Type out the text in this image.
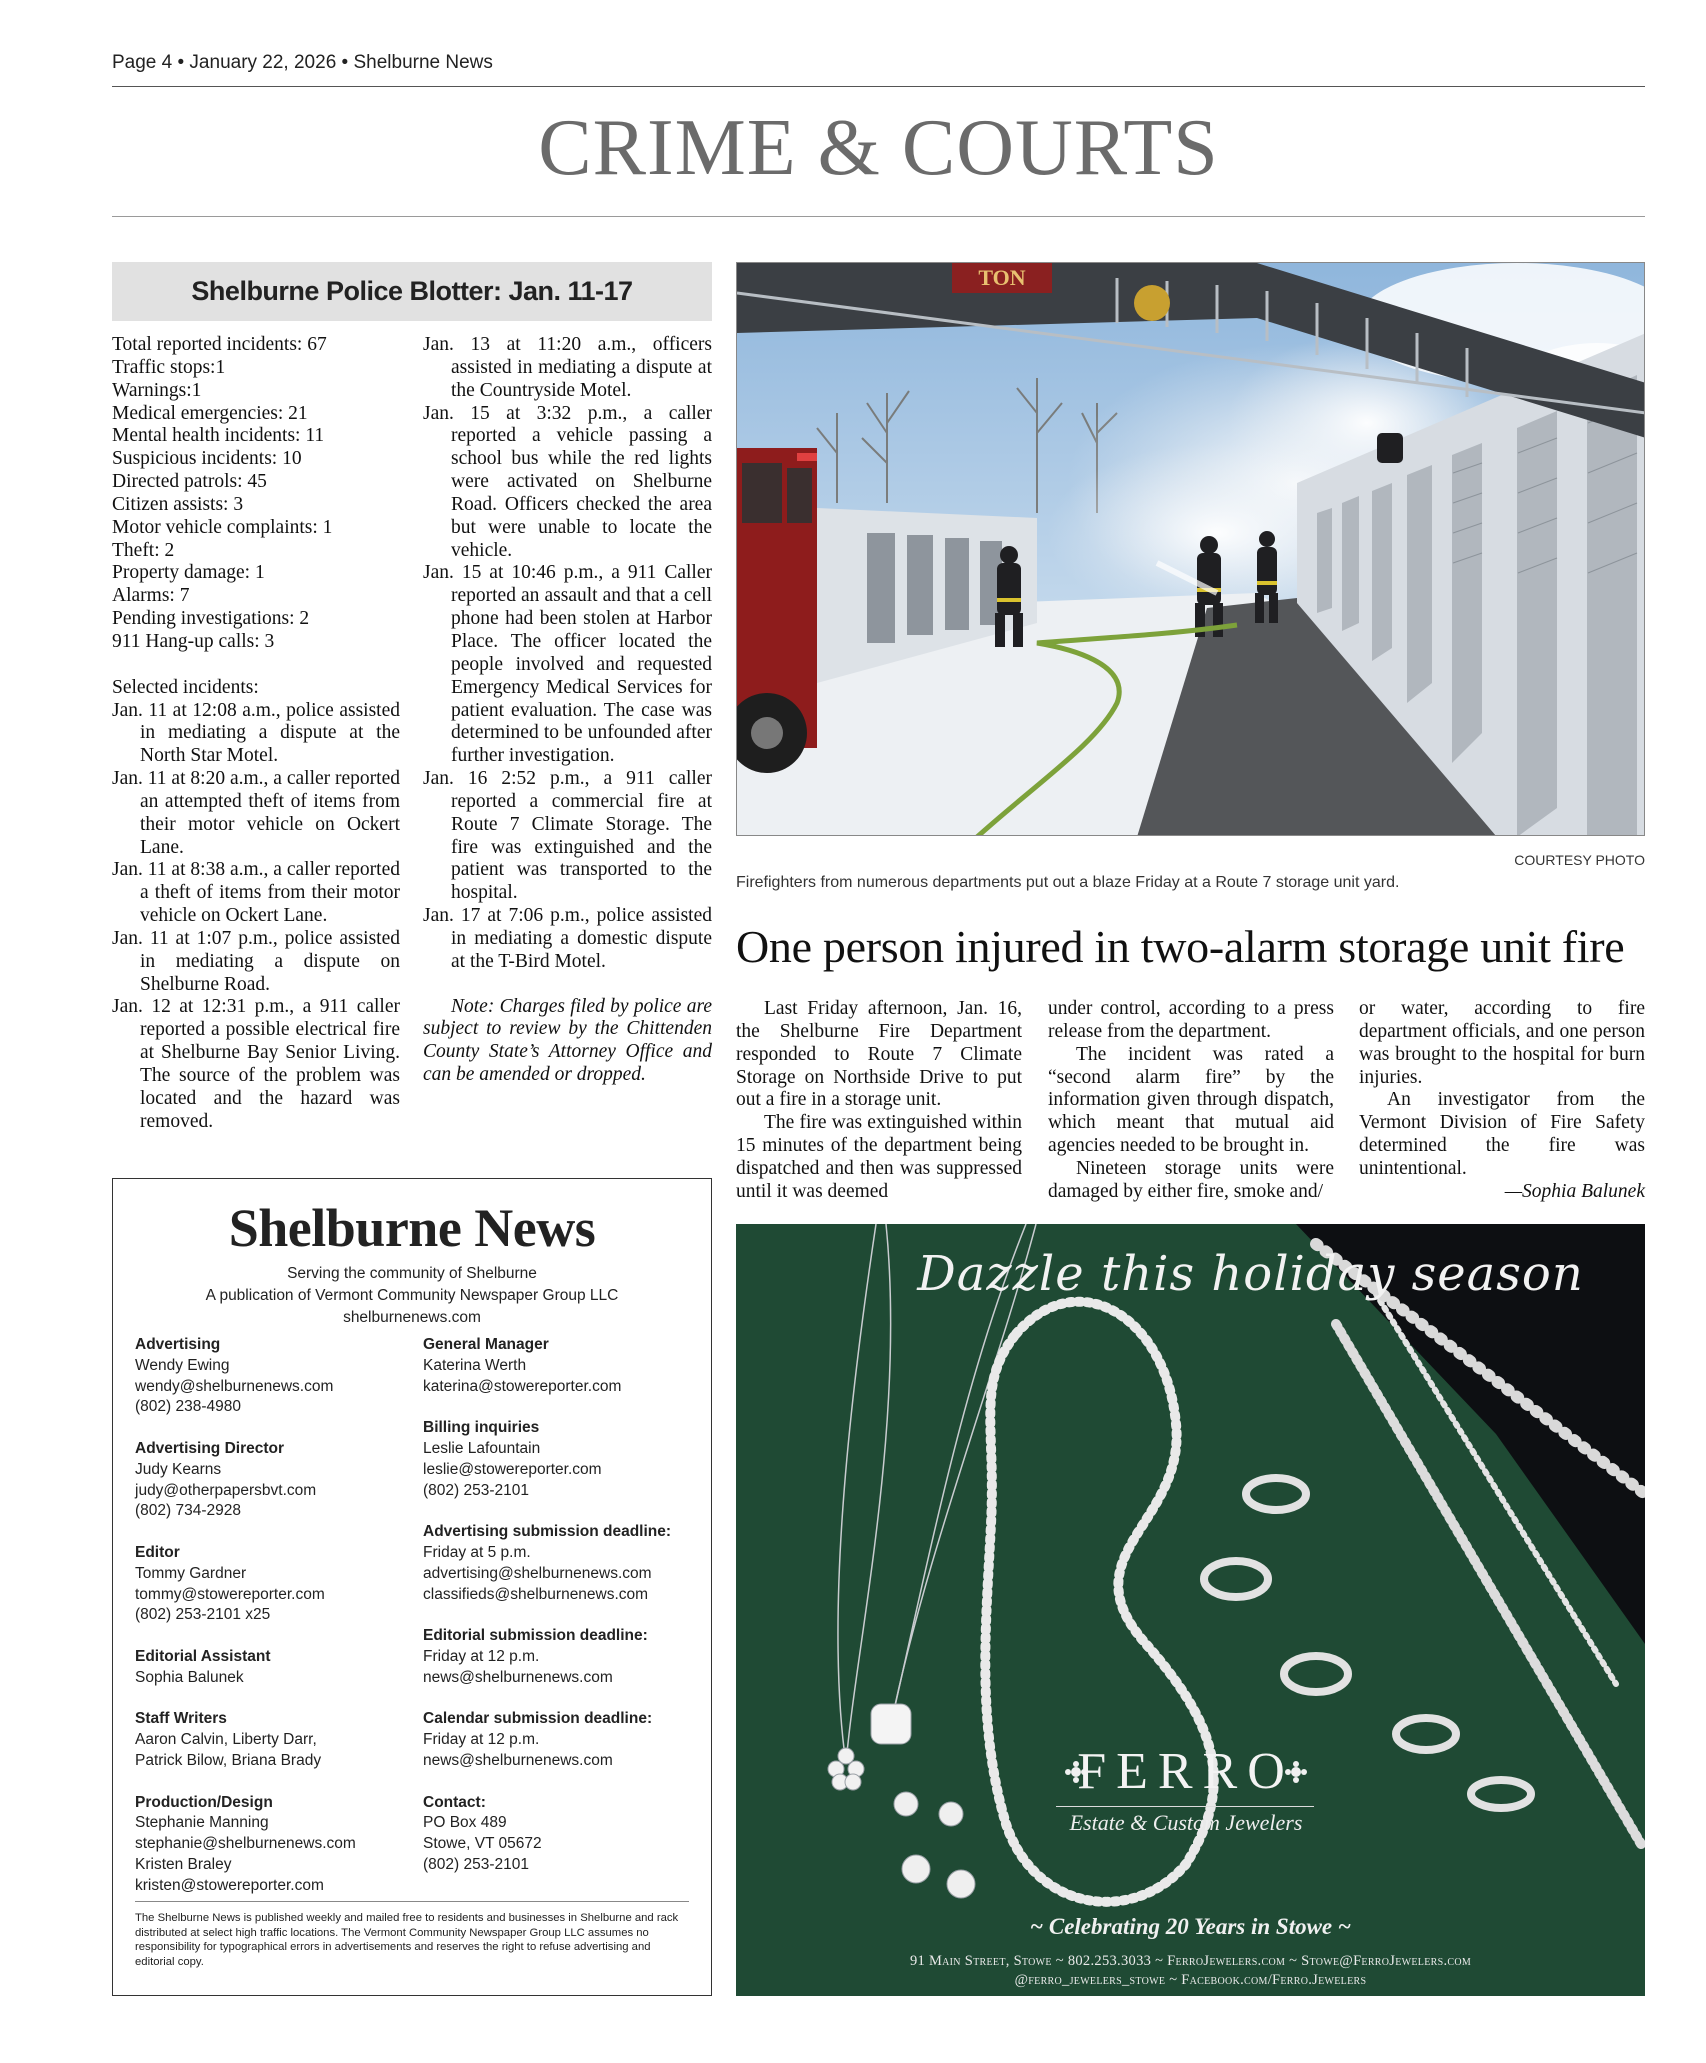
Page 4 • January 22, 2026 • Shelburne News
CRIME & COURTS
Shelburne Police Blotter: Jan. 11-17
Total reported incidents: 67
Traffic stops:1
Warnings:1
Medical emergencies: 21
Mental health incidents: 11
Suspicious incidents: 10
Directed patrols: 45
Citizen assists: 3
Motor vehicle complaints: 1
Theft: 2
Property damage: 1
Alarms: 7
Pending investigations: 2
911 Hang-up calls: 3
Selected incidents:
Jan. 11 at 12:08 a.m., police assisted in mediating a dispute at the North Star Motel.
Jan. 11 at 8:20 a.m., a caller reported an attempted theft of items from their motor vehicle on Ockert Lane.
Jan. 11 at 8:38 a.m., a caller reported a theft of items from their motor vehicle on Ockert Lane.
Jan. 11 at 1:07 p.m., police assisted in mediating a dispute on Shelburne Road.
Jan. 12 at 12:31 p.m., a 911 caller reported a possible electrical fire at Shelburne Bay Senior Living. The source of the problem was located and the hazard was removed.
Jan. 13 at 11:20 a.m., officers assisted in mediating a dispute at the Countryside Motel.
Jan. 15 at 3:32 p.m., a caller reported a vehicle passing a school bus while the red lights were activated on Shelburne Road. Officers checked the area but were unable to locate the vehicle.
Jan. 15 at 10:46 p.m., a 911 Caller reported an assault and that a cell phone had been stolen at Harbor Place. The officer located the people involved and requested Emergency Medical Services for patient evaluation. The case was determined to be unfounded after further investigation.
Jan. 16 2:52 p.m., a 911 caller reported a commercial fire at Route 7 Climate Storage. The fire was extinguished and the patient was transported to the hospital.
Jan. 17 at 7:06 p.m., police assisted in mediating a domestic dispute at the T-Bird Motel.
Note: Charges filed by police are subject to review by the Chittenden County State’s Attorney Office and can be amended or dropped.
TON
COURTESY PHOTO
Firefighters from numerous departments put out a blaze Friday at a Route 7 storage unit yard.
One person injured in two-alarm storage unit fire

Last Friday afternoon, Jan. 16, the Shelburne Fire Department responded to Route 7 Climate Storage on Northside Drive to put out a fire in a storage unit.

The fire was extinguished within 15 minutes of the department being dispatched and then was suppressed until it was deemed

under control, according to a press release from the department.

The incident was rated a “second alarm fire” by the information given through dispatch, which meant that mutual aid agencies needed to be brought in.

Nineteen storage units were damaged by either fire, smoke and/

or water, according to fire department officials, and one person was brought to the hospital for burn injuries.

An investigator from the Vermont Division of Fire Safety determined the fire was unintentional.

—Sophia Balunek
Shelburne News
Serving the community of Shelburne
A publication of Vermont Community Newspaper Group LLC
shelburnenews.com
Advertising
Wendy Ewing
wendy@shelburnenews.com
(802) 238-4980
Advertising Director
Judy Kearns
judy@otherpapersbvt.com
(802) 734-2928
Editor
Tommy Gardner
tommy@stowereporter.com
(802) 253-2101 x25
Editorial Assistant
Sophia Balunek
Staff Writers
Aaron Calvin, Liberty Darr,
Patrick Bilow, Briana Brady
Production/Design
Stephanie Manning
stephanie@shelburnenews.com
Kristen Braley
kristen@stowereporter.com
General Manager
Katerina Werth
katerina@stowereporter.com
Billing inquiries
Leslie Lafountain
leslie@stowereporter.com
(802) 253-2101
Advertising submission deadline:
Friday at 5 p.m.
advertising@shelburnenews.com
classifieds@shelburnenews.com
Editorial submission deadline:
Friday at 12 p.m.
news@shelburnenews.com
Calendar submission deadline:
Friday at 12 p.m.
news@shelburnenews.com
Contact:
PO Box 489
Stowe, VT 05672
(802) 253-2101
The Shelburne News is published weekly and mailed free to residents and businesses in Shelburne and rack distributed at select high traffic locations. The Vermont Community Newspaper Group LLC assumes no responsibility for typographical errors in advertisements and reserves the right to refuse advertising and editorial copy.
Dazzle this holiday season
FERRO
Estate & Custom Jewelers
~ Celebrating 20 Years in Stowe ~
91 Main Street, Stowe ~ 802.253.3033 ~ FerroJewelers.com ~ Stowe@FerroJewelers.com
@ferro_jewelers_stowe ~ Facebook.com/Ferro.Jewelers
